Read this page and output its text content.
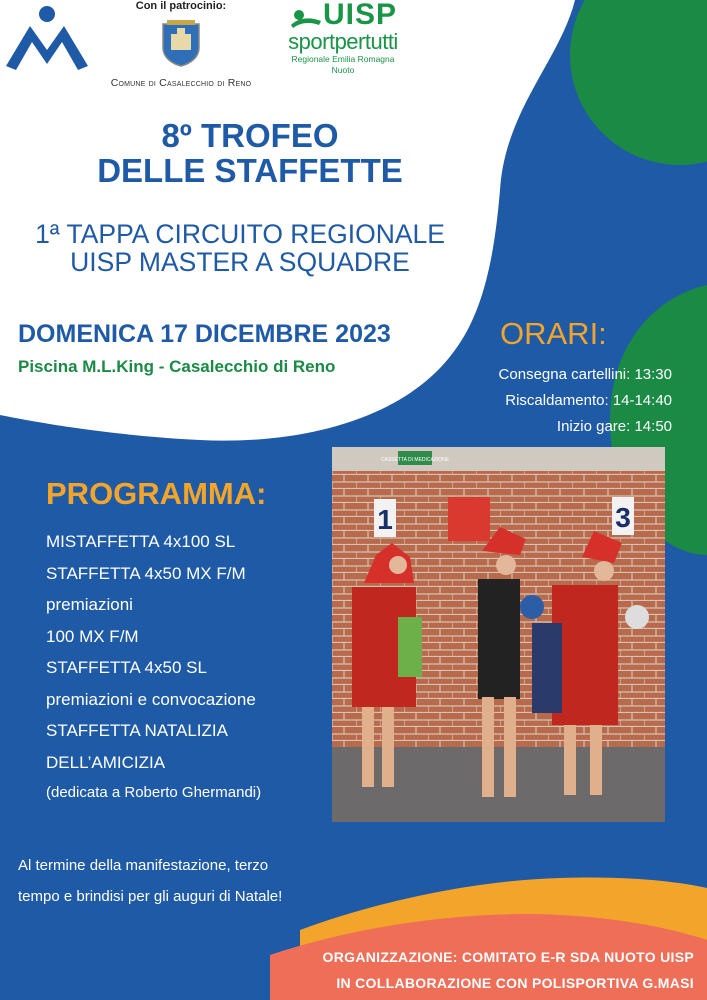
Con il patrocinio:
Comune di Casalecchio di Reno
UISP
sportpertutti
Regionale Emilia Romagna
Nuoto
8º TROFEO
DELLE STAFFETTE
1ª TAPPA CIRCUITO REGIONALE
UISP MASTER A SQUADRE
DOMENICA 17 DICEMBRE 2023
Piscina M.L.King - Casalecchio di Reno
ORARI:
Consegna cartellini: 13:30
Riscaldamento: 14-14:40
Inizio gare: 14:50
CASSETTA DI MEDICAZIONE
1	3
PROGRAMMA:
MISTAFFETTA 4x100 SL
STAFFETTA 4x50 MX F/M
premiazioni
100 MX F/M
STAFFETTA 4x50 SL
premiazioni e convocazione
STAFFETTA NATALIZIA
DELL’AMICIZIA
(dedicata a Roberto Ghermandi)
Al termine della manifestazione, terzo
tempo e brindisi per gli auguri di Natale!
ORGANIZZAZIONE: COMITATO E-R SDA NUOTO UISP
IN COLLABORAZIONE CON POLISPORTIVA G.MASI
